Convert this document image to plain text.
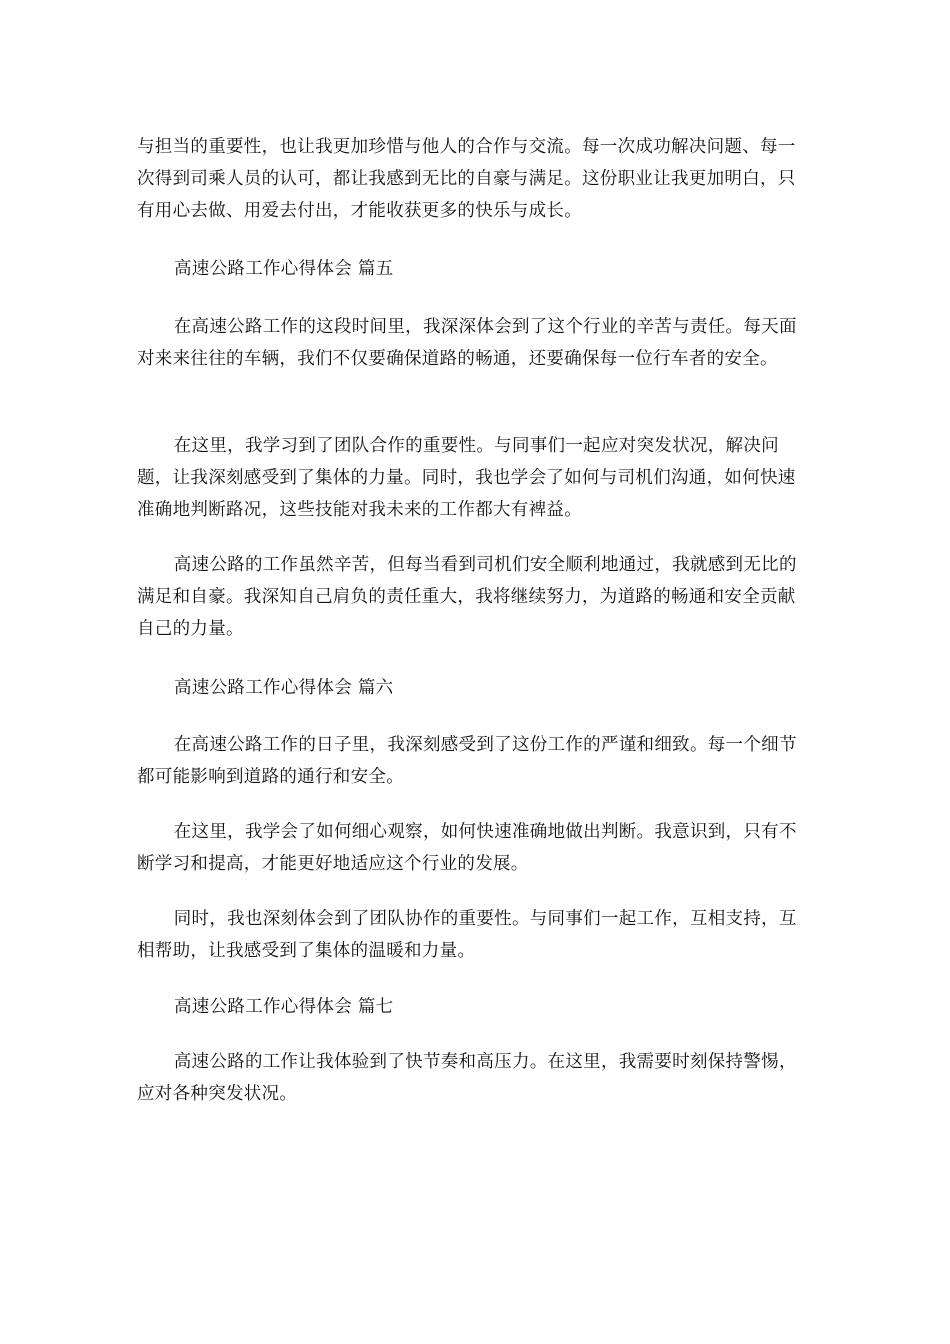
与担当的重要性，也让我更加珍惜与他人的合作与交流。每一次成功解决问题、每一次得到司乘人员的认可，都让我感到无比的自豪与满足。这份职业让我更加明白，只有用心去做、用爱去付出，才能收获更多的快乐与成长。

高速公路工作心得体会 篇五

在高速公路工作的这段时间里，我深深体会到了这个行业的辛苦与责任。每天面对来来往往的车辆，我们不仅要确保道路的畅通，还要确保每一位行车者的安全。

在这里，我学习到了团队合作的重要性。与同事们一起应对突发状况，解决问题，让我深刻感受到了集体的力量。同时，我也学会了如何与司机们沟通，如何快速准确地判断路况，这些技能对我未来的工作都大有裨益。

高速公路的工作虽然辛苦，但每当看到司机们安全顺利地通过，我就感到无比的满足和自豪。我深知自己肩负的责任重大，我将继续努力，为道路的畅通和安全贡献自己的力量。

高速公路工作心得体会 篇六

在高速公路工作的日子里，我深刻感受到了这份工作的严谨和细致。每一个细节都可能影响到道路的通行和安全。

在这里，我学会了如何细心观察，如何快速准确地做出判断。我意识到，只有不断学习和提高，才能更好地适应这个行业的发展。

同时，我也深刻体会到了团队协作的重要性。与同事们一起工作，互相支持，互相帮助，让我感受到了集体的温暖和力量。

高速公路工作心得体会 篇七

高速公路的工作让我体验到了快节奏和高压力。在这里，我需要时刻保持警惕，应对各种突发状况。
